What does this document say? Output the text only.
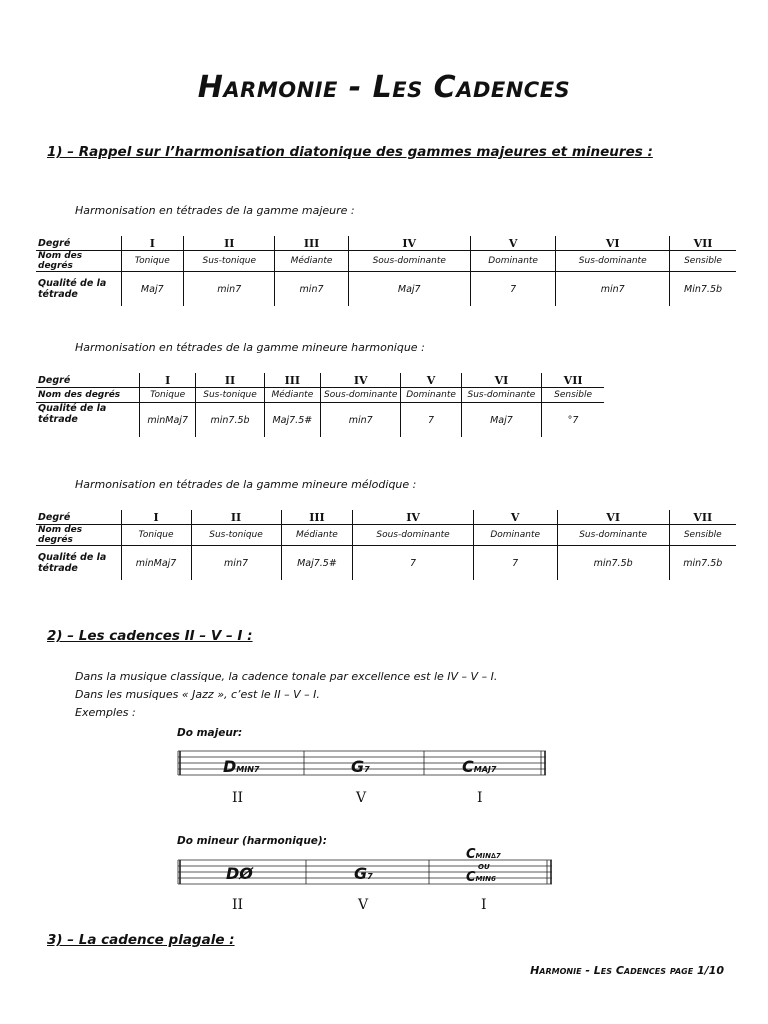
Harmonie - Les Cadences
1) – Rappel sur l’harmonisation diatonique des gammes majeures et mineures :
Harmonisation en tétrades de la gamme majeure :
Degré	I	II	III	IV	V	VI	VII
Nom des degrés	Tonique	Sus-tonique	Médiante	Sous-dominante	Dominante	Sus-dominante	Sensible
Qualité de la tétrade	Maj7	min7	min7	Maj7	7	min7	Min7.5b
Harmonisation en tétrades de la gamme mineure harmonique :
Degré	I	II	III	IV	V	VI	VII
Nom des degrés	Tonique	Sus-tonique	Médiante	Sous-dominante	Dominante	Sus-dominante	Sensible
Qualité de la tétrade	minMaj7	min7.5b	Maj7.5#	min7	7	Maj7	°7
Harmonisation en tétrades de la gamme mineure mélodique :
Degré	I	II	III	IV	V	VI	VII
Nom des degrés	Tonique	Sus-tonique	Médiante	Sous-dominante	Dominante	Sus-dominante	Sensible
Qualité de la tétrade	minMaj7	min7	Maj7.5#	7	7	min7.5b	min7.5b
2) – Les cadences II – V – I :
Dans la musique classique, la cadence tonale par excellence est le IV – V – I.
Dans les musiques « Jazz », c’est le II – V – I.
Exemples :
Do majeur:
DMIN7	G7	CMAJ7
II	V	I
Do mineur (harmonique):
DØ	G7
CMIN∆7
OU
CMIN6
II	V	I
3) – La cadence plagale :
Harmonie - Les Cadences page 1/10
